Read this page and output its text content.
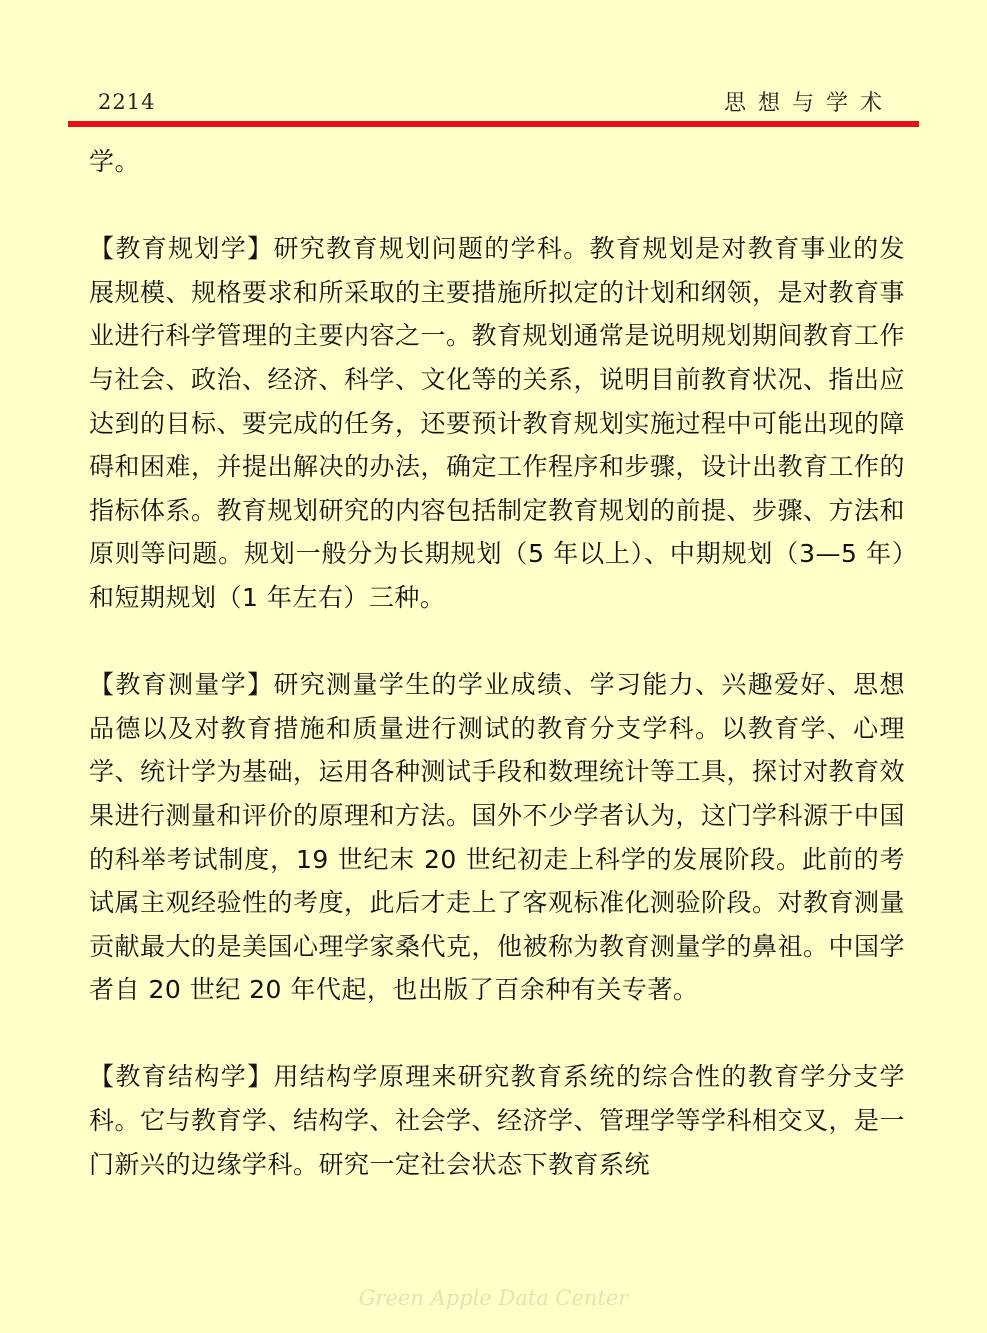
2214	思想与学术

学。

【教育规划学】研究教育规划问题的学科。教育规划是对教育事业的发展规模、规格要求和所采取的主要措施所拟定的计划和纲领，是对教育事业进行科学管理的主要内容之一。教育规划通常是说明规划期间教育工作与社会、政治、经济、科学、文化等的关系，说明目前教育状况、指出应达到的目标、要完成的任务，还要预计教育规划实施过程中可能出现的障碍和困难，并提出解决的办法，确定工作程序和步骤，设计出教育工作的指标体系。教育规划研究的内容包括制定教育规划的前提、步骤、方法和原则等问题。规划一般分为长期规划（5 年以上）、中期规划（3—5 年）和短期规划（1 年左右）三种。

【教育测量学】研究测量学生的学业成绩、学习能力、兴趣爱好、思想品德以及对教育措施和质量进行测试的教育分支学科。以教育学、心理学、统计学为基础，运用各种测试手段和数理统计等工具，探讨对教育效果进行测量和评价的原理和方法。国外不少学者认为，这门学科源于中国的科举考试制度，19 世纪末 20 世纪初走上科学的发展阶段。此前的考试属主观经验性的考度，此后才走上了客观标准化测验阶段。对教育测量贡献最大的是美国心理学家桑代克，他被称为教育测量学的鼻祖。中国学者自 20 世纪 20 年代起，也出版了百余种有关专著。

【教育结构学】用结构学原理来研究教育系统的综合性的教育学分支学科。它与教育学、结构学、社会学、经济学、管理学等学科相交叉，是一门新兴的边缘学科。研究一定社会状态下教育系统

Green Apple Data Center
